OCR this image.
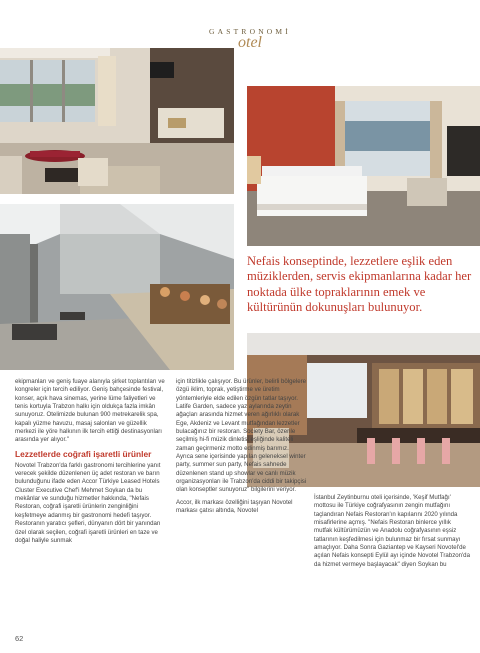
GASTRONOMİ
otel
Nefais konseptinde, lezzetlere eşlik eden müziklerden, servis ekipmanlarına kadar her noktada ülke topraklarının emek ve kültürünün dokunuşları bulunuyor.

ekipmanları ve geniş fuaye alanıyla şirket toplantıları ve kongreler için tercih ediliyor. Geniş bahçesinde festival, konser, açık hava sinemas, yerine lüme faliyetleri ve tenis kortuyla Trabzon halkı için oldukça fazla imkân sunuyoruz. Otelimizde bulunan 900 metrekarelik spa, kapalı yüzme havuzu, masaj salonları ve güzellik merkezi ile yöre halkının ilk tercih ettiği destinasyonları arasında yer alıyor."

Lezzetlerde coğrafi işaretli ürünler

Novotel Trabzon'da farklı gastronomi tercihlerine yanıt verecek şekilde düzenlenen üç adet restoran ve barın bulunduğunu ifade eden Accor Türkiye Leased Hotels Cluster Executive Chef'i Mehmet Soykan da bu mekânlar ve sunduğu hizmetler hakkında, "Nefais Restoran, coğrafi işaretli ürünlerin zenginliğini keşfetmeye adanmış bir gastronomi hedefi taşıyor. Restoranın yaratıcı şefleri, dünyanın dört bir yanından özel olarak seçilen, coğrafi işaretli ürünleri en taze ve doğal haliyle sunmak

için titizlikle çalışıyor. Bu ürünler, belirli bölgelere özgü iklim, toprak, yetiştirme ve üretim yöntemleriyle elde edilen özgün tatlar taşıyor. Latife Garden, sadece yaz aylarında zeytin ağaçları arasında hizmet veren ağırlıklı olarak Ege, Akdeniz ve Levant mutfağından lezzetler bulacağınız bir restoran. Society Bar, özenle seçilmiş hi-fi müzik dinletisi eşliğinde kaliteli zaman geçirmeniz motto edinmiş barımız. Ayrıca sene içerisinde yapılan geleneksel winter party, summer sun party, Nefais sahnede düzenlenen stand up showlar ve canlı müzik organizasyonları ile Trabzon'da ciddi bir takipçisi olan konseptler sunuyoruz" bilgilerini veriyor.

Accor, ilk markası özelliğini taşıyan Novotel markası çatısı altında, Novotel

İstanbul Zeytinburnu oteli içerisinde, 'Keşif Mutfağı' mottosu ile Türkiye coğrafyasının zengin mutfağını taçlandıran Nefais Restoran'ın kapılarını 2020 yılında misafirlerine açmış. "Nefais Restoran binlerce yıllık mutfak kültürümüzün ve Anadolu coğrafyasının eşsiz tatlarının keşfedilmesi için bulunmaz bir fırsat sunmayı amaçlıyor. Daha Sonra Gaziantep ve Kayseri Novotel'de açılan Nefais konsepti Eylül ayı içinde Novotel Trabzon'da da hizmet vermeye başlayacak" diyen Soykan bu

62
